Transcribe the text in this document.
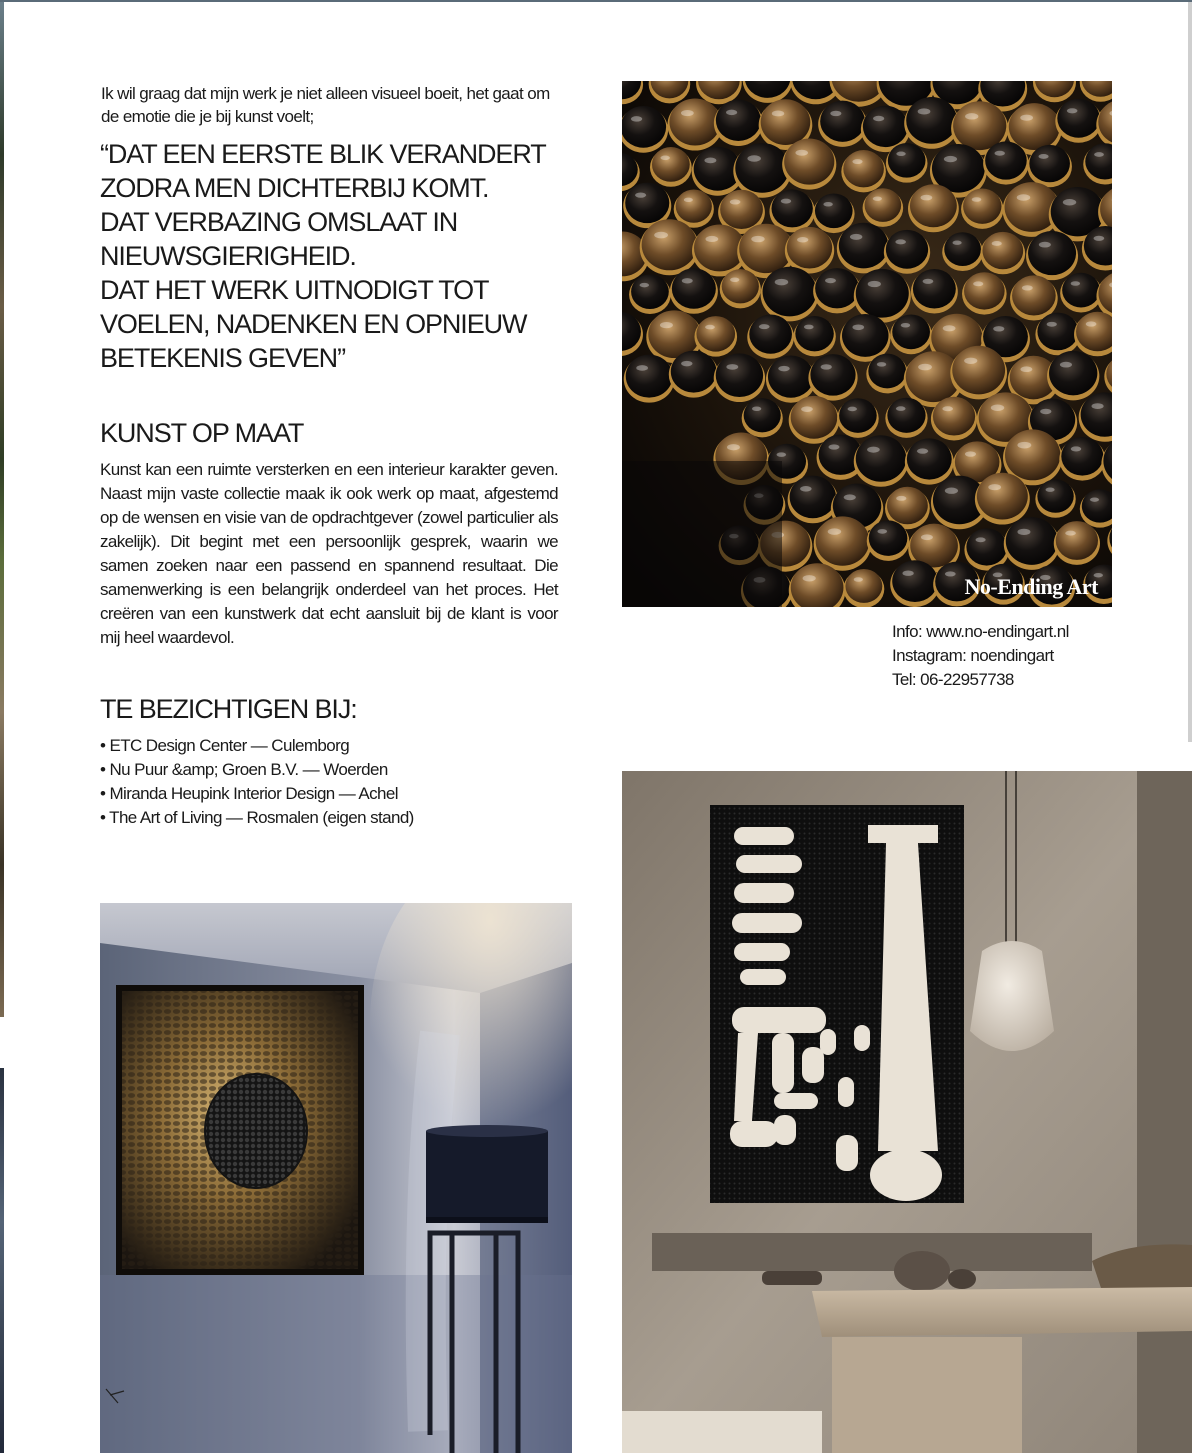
Ik wil graag dat mijn werk je niet alleen visueel boeit, het gaat om de emotie die je bij kunst voelt;
“DAT EEN EERSTE BLIK VERANDERT
ZODRA MEN DICHTERBIJ KOMT.
DAT VERBAZING OMSLAAT IN
NIEUWSGIERIGHEID.
DAT HET WERK UITNODIGT TOT
VOELEN, NADENKEN EN OPNIEUW
BETEKENIS GEVEN”
KUNST OP MAAT
Kunst kan een ruimte versterken en een interieur karakter geven. Naast mijn vaste collectie maak ik ook werk op maat, afgestemd op de wensen en visie van de opdrachtgever (zowel particulier als zakelijk). Dit begint met een persoonlijk gesprek, waarin we samen zoeken naar een passend en spannend resultaat. Die samenwerking is een belangrijk onderdeel van het proces. Het creëren van een kunstwerk dat echt aansluit bij de klant is voor mij heel waardevol.
TE BEZICHTIGEN BIJ:
• ETC Design Center — Culemborg
• Nu Puur &amp; Groen B.V. — Woerden
• Miranda Heupink Interior Design — Achel
• The Art of Living — Rosmalen (eigen stand)
Info: www.no-endingart.nl
Instagram: noendingart
Tel: 06-22957738
No-Ending Art
